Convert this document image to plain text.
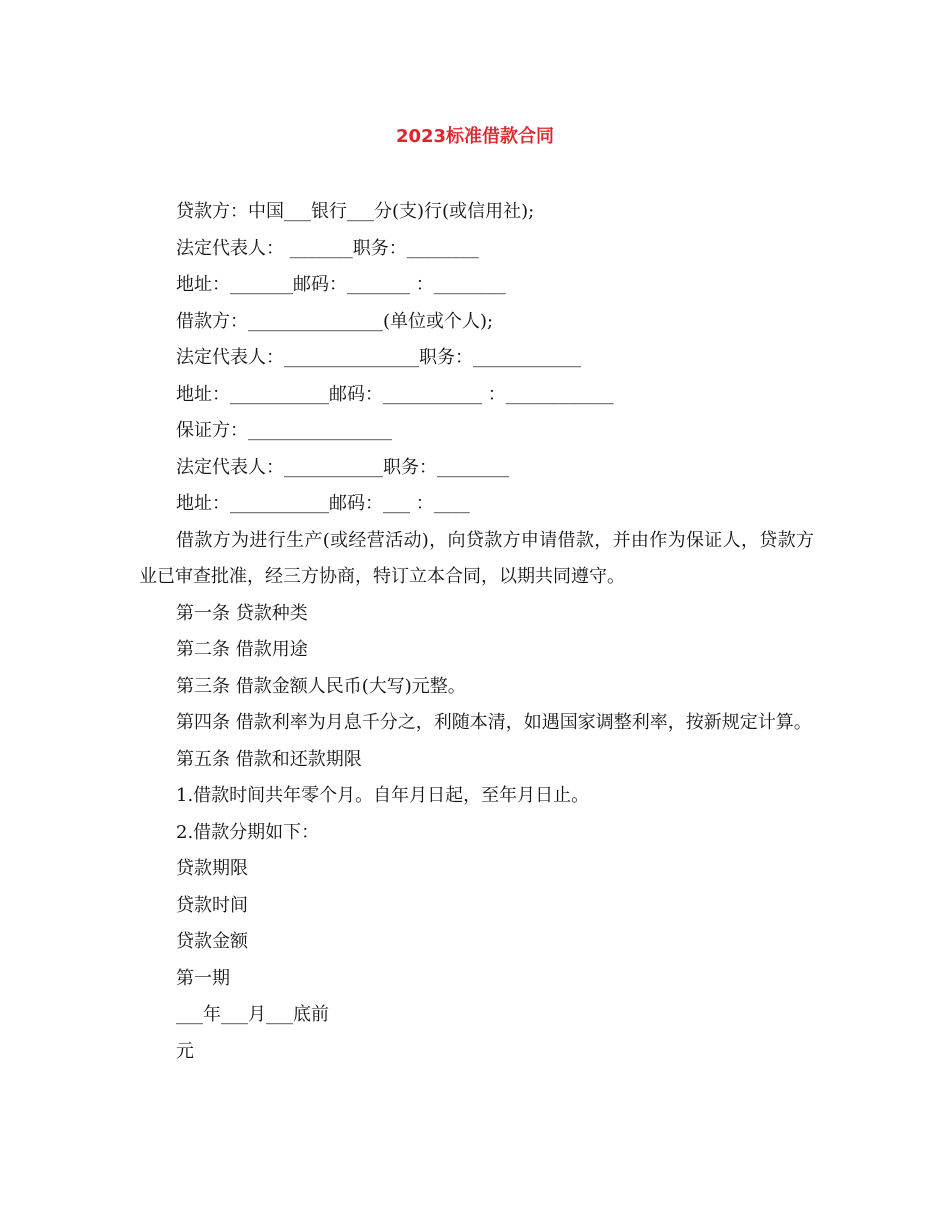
2023标准借款合同

贷款方：中国___银行___分(支)行(或信用社);

法定代表人： _______职务：________

地址：_______邮码：_______ ：________

借款方：_______________(单位或个人);

法定代表人：_______________职务：____________

地址：___________邮码：___________ ：____________

保证方：________________

法定代表人：___________职务：________

地址：___________邮码：___ ：____

借款方为进行生产(或经营活动)，向贷款方申请借款，并由作为保证人，贷款方业已审查批准，经三方协商，特订立本合同，以期共同遵守。

第一条 贷款种类

第二条 借款用途

第三条 借款金额人民币(大写)元整。

第四条 借款利率为月息千分之，利随本清，如遇国家调整利率，按新规定计算。

第五条 借款和还款期限

1.借款时间共年零个月。自年月日起，至年月日止。

2.借款分期如下：

贷款期限

贷款时间

贷款金额

第一期

___年___月___底前

元
